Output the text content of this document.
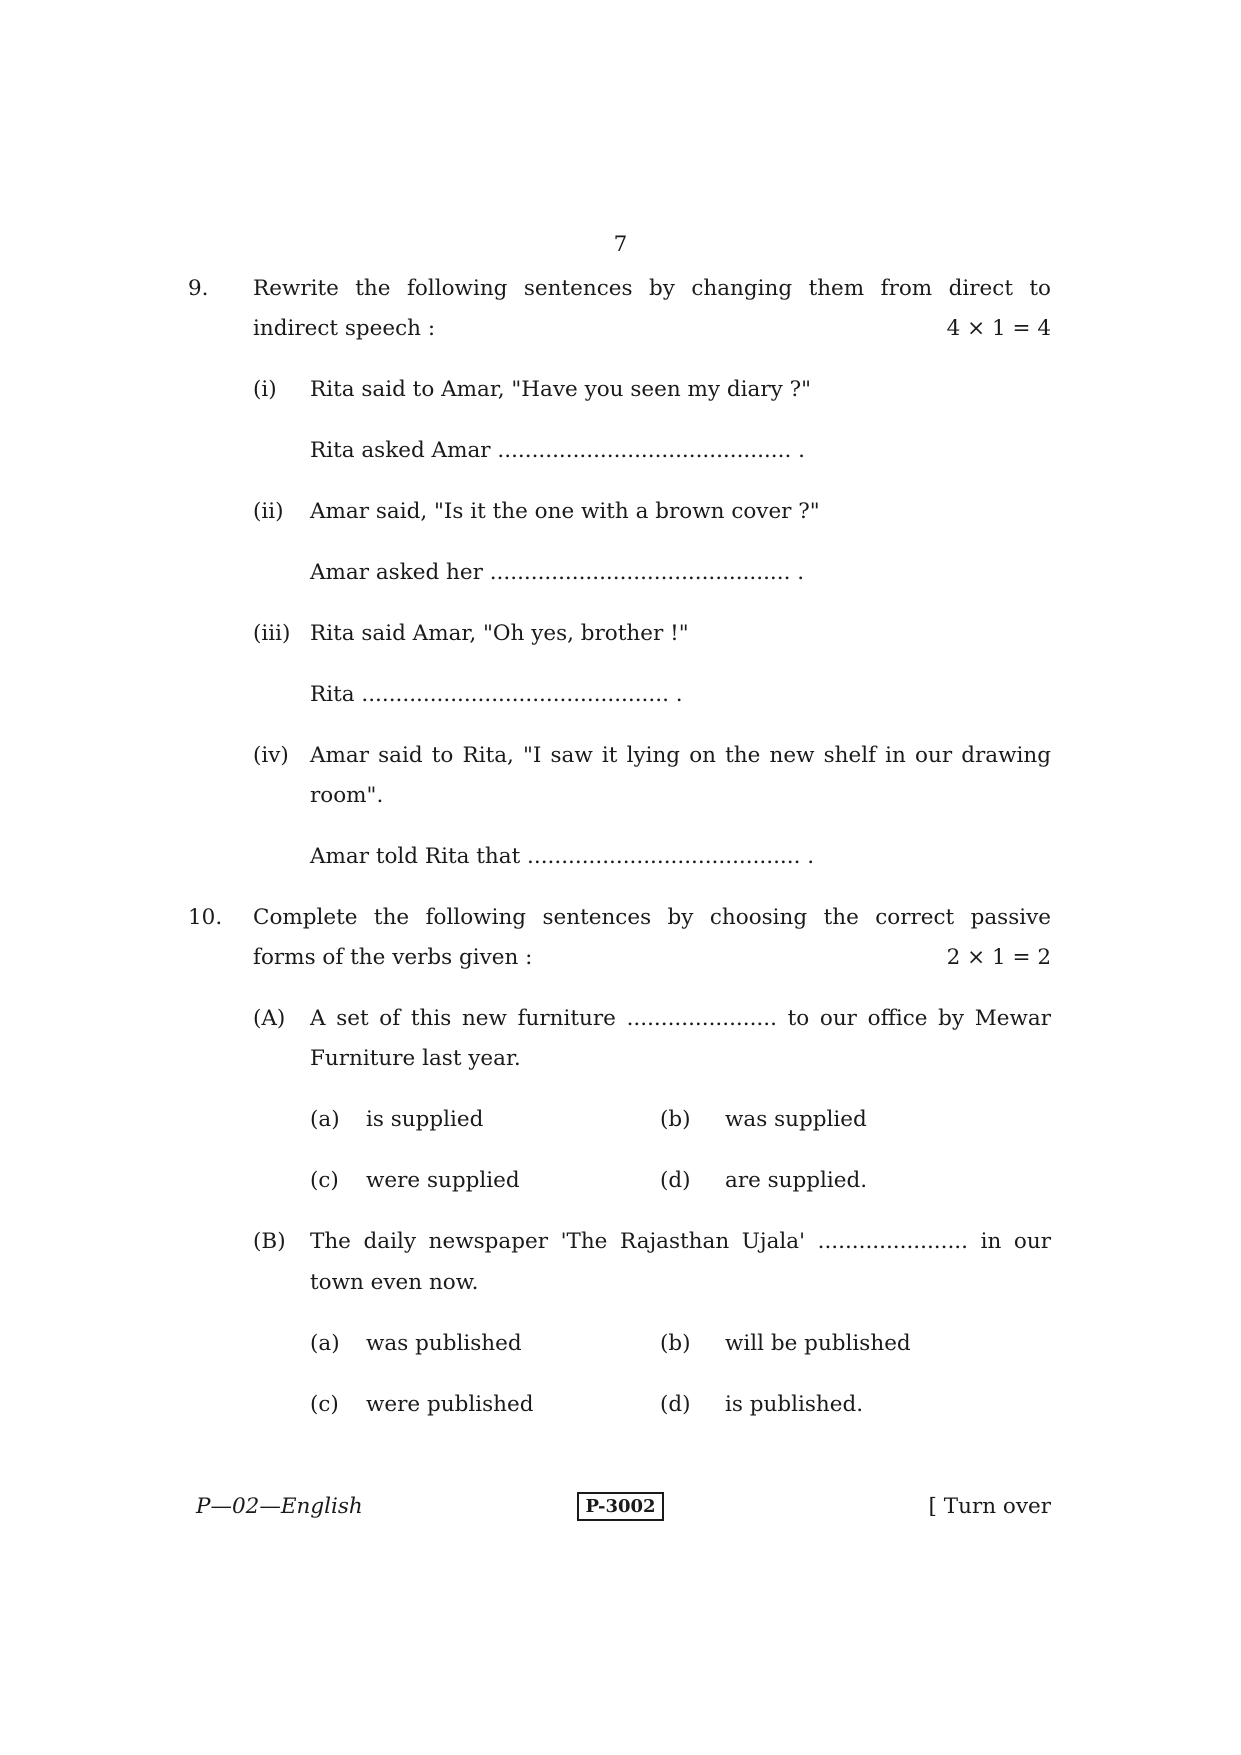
7
9. Rewrite the following sentences by changing them from direct to
indirect speech :	4 × 1 = 4
(i) Rita said to Amar, "Have you seen my diary ?"
Rita asked Amar ........................................... .
(ii) Amar said, "Is it the one with a brown cover ?"
Amar asked her ............................................ .
(iii) Rita said Amar, "Oh yes, brother !"
Rita ............................................. .
(iv) Amar said to Rita, "I saw it lying on the new shelf in our drawing
room".
Amar told Rita that ........................................ .
10. Complete the following sentences by choosing the correct passive
forms of the verbs given :	2 × 1 = 2
(A) A set of this new furniture ...................... to our office by Mewar
Furniture last year.
(a) is supplied	(b) was supplied
(c) were supplied	(d) are supplied.
(B) The daily newspaper 'The Rajasthan Ujala' ...................... in our
town even now.
(a) was published	(b) will be published
(c) were published	(d) is published.
P—02—English	P-3002	[ Turn over
